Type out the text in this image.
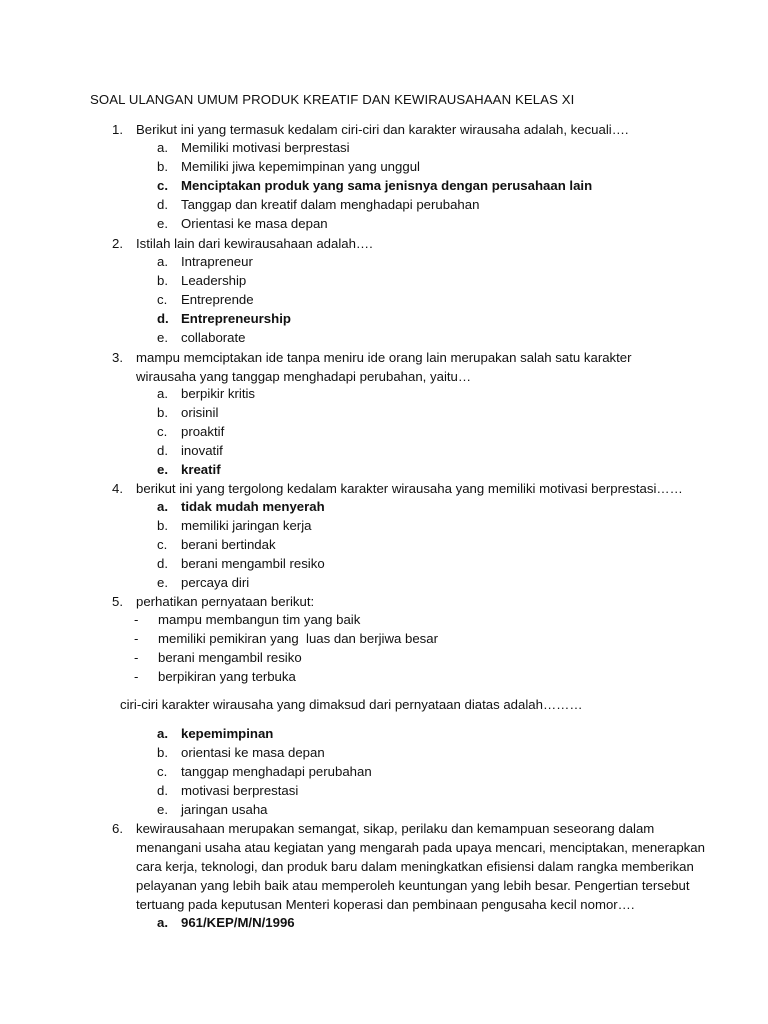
SOAL ULANGAN UMUM PRODUK KREATIF DAN KEWIRAUSAHAAN KELAS XI
1. Berikut ini yang termasuk kedalam ciri-ciri dan karakter wirausaha adalah, kecuali….
a. Memiliki motivasi berprestasi
b. Memiliki jiwa kepemimpinan yang unggul
c. Menciptakan produk yang sama jenisnya dengan perusahaan lain
d. Tanggap dan kreatif dalam menghadapi perubahan
e. Orientasi ke masa depan
2. Istilah lain dari kewirausahaan adalah….
a. Intrapreneur
b. Leadership
c. Entreprende
d. Entrepreneurship
e. collaborate
3. mampu memciptakan ide tanpa meniru ide orang lain merupakan salah satu karakter wirausaha yang tanggap menghadapi perubahan, yaitu…
a. berpikir kritis
b. orisinil
c. proaktif
d. inovatif
e. kreatif
4. berikut ini yang tergolong kedalam karakter wirausaha yang memiliki motivasi berprestasi……
a. tidak mudah menyerah
b. memiliki jaringan kerja
c. berani bertindak
d. berani mengambil resiko
e. percaya diri
5. perhatikan pernyataan berikut:
- mampu membangun tim yang baik
- memiliki pemikiran yang  luas dan berjiwa besar
- berani mengambil resiko
- berpikiran yang terbuka
ciri-ciri karakter wirausaha yang dimaksud dari pernyataan diatas adalah………
a. kepemimpinan
b. orientasi ke masa depan
c. tanggap menghadapi perubahan
d. motivasi berprestasi
e. jaringan usaha
6. kewirausahaan merupakan semangat, sikap, perilaku dan kemampuan seseorang dalam
menangani usaha atau kegiatan yang mengarah pada upaya mencari, menciptakan, menerapkan
cara kerja, teknologi, dan produk baru dalam meningkatkan efisiensi dalam rangka memberikan
pelayanan yang lebih baik atau memperoleh keuntungan yang lebih besar. Pengertian tersebut
tertuang pada keputusan Menteri koperasi dan pembinaan pengusaha kecil nomor….
a. 961/KEP/M/N/1996
